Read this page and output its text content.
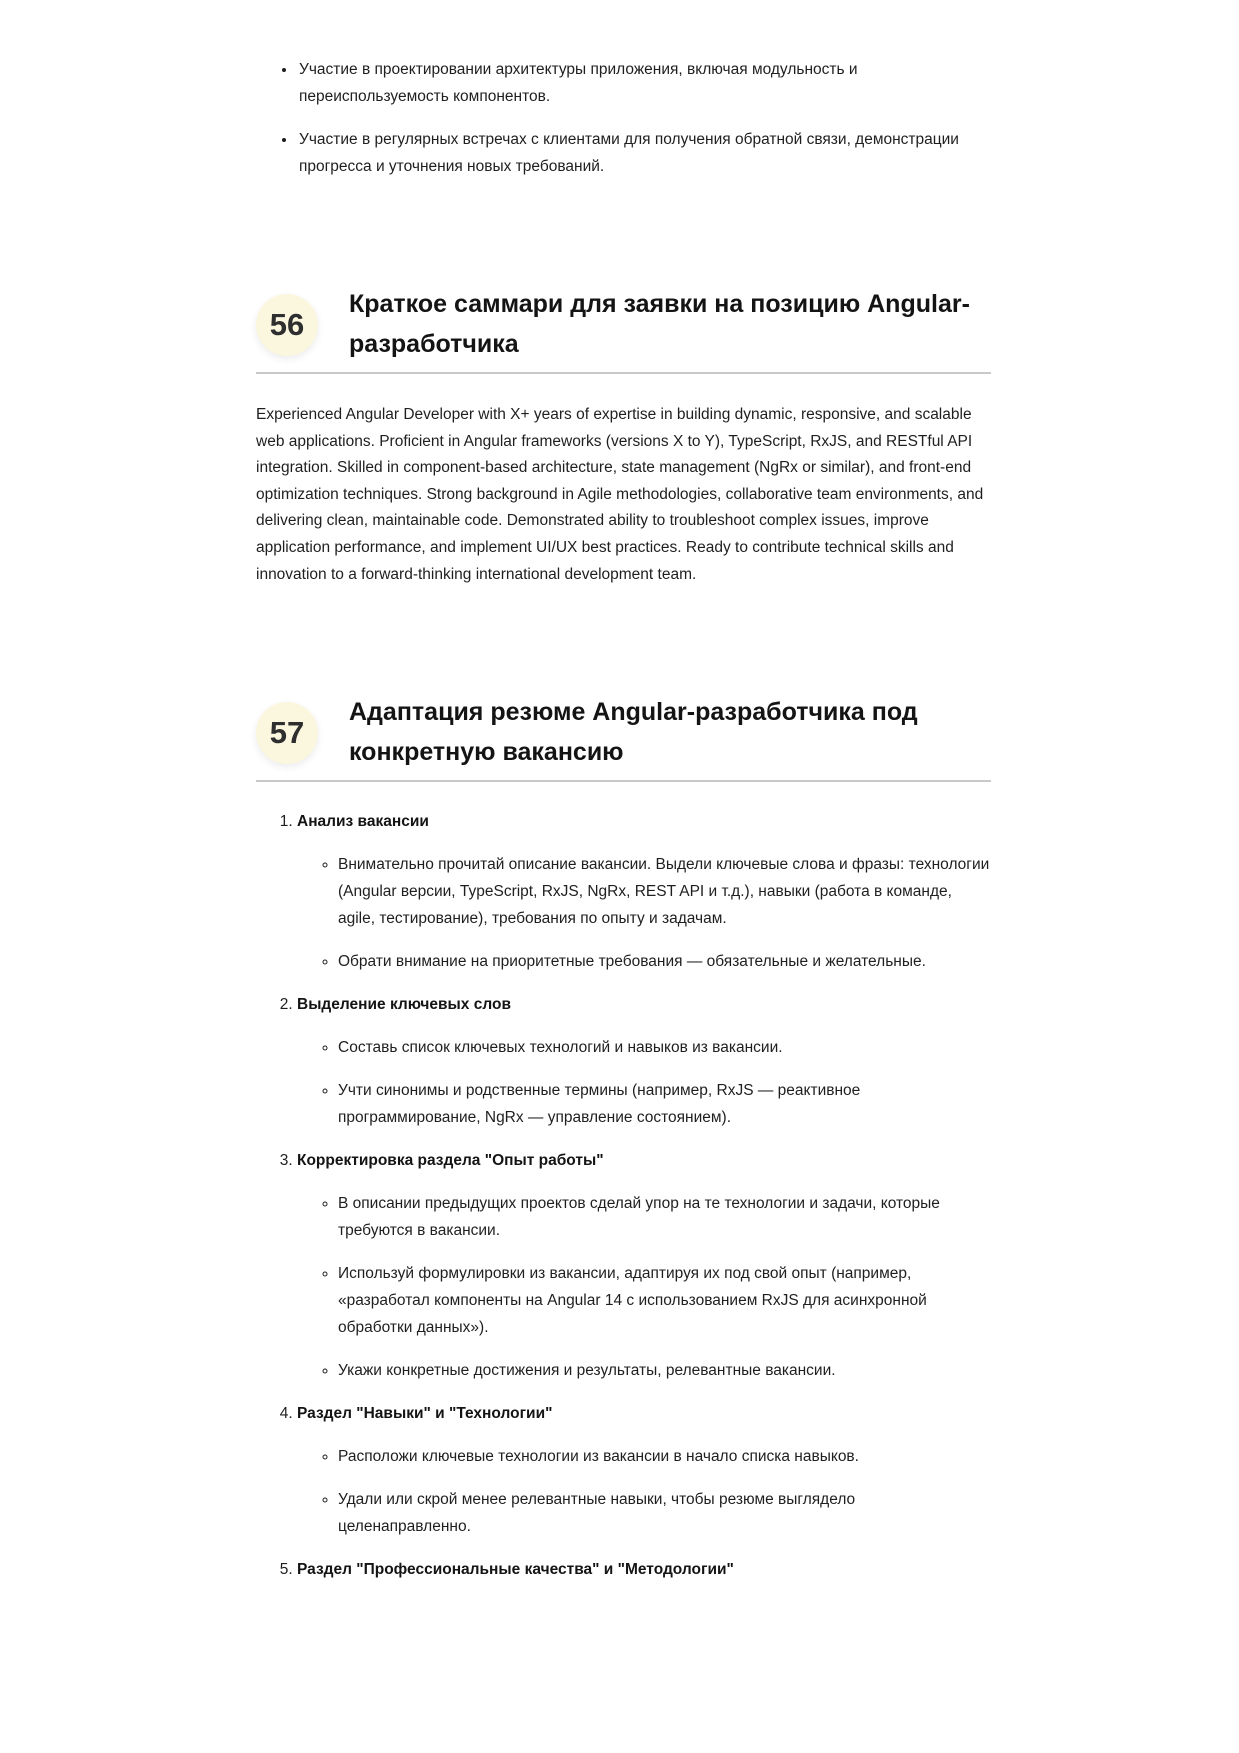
• Участие в проектировании архитектуры приложения, включая модульность и переиспользуемость компонентов.
• Участие в регулярных встречах с клиентами для получения обратной связи, демонстрации прогресса и уточнения новых требований.
56
Краткое саммари для заявки на позицию Angular-разработчика

Experienced Angular Developer with X+ years of expertise in building dynamic, responsive, and scalable web applications. Proficient in Angular frameworks (versions X to Y), TypeScript, RxJS, and RESTful API integration. Skilled in component-based architecture, state management (NgRx or similar), and front-end optimization techniques. Strong background in Agile methodologies, collaborative team environments, and delivering clean, maintainable code. Demonstrated ability to troubleshoot complex issues, improve application performance, and implement UI/UX best practices. Ready to contribute technical skills and innovation to a forward-thinking international development team.

57
Адаптация резюме Angular-разработчика под конкретную вакансию
1. Анализ вакансии
◦ Внимательно прочитай описание вакансии. Выдели ключевые слова и фразы: технологии (Angular версии, TypeScript, RxJS, NgRx, REST API и т.д.), навыки (работа в команде, agile, тестирование), требования по опыту и задачам.
◦ Обрати внимание на приоритетные требования — обязательные и желательные.
2. Выделение ключевых слов
◦ Составь список ключевых технологий и навыков из вакансии.
◦ Учти синонимы и родственные термины (например, RxJS — реактивное программирование, NgRx — управление состоянием).
3. Корректировка раздела "Опыт работы"
◦ В описании предыдущих проектов сделай упор на те технологии и задачи, которые требуются в вакансии.
◦ Используй формулировки из вакансии, адаптируя их под свой опыт (например, «разработал компоненты на Angular 14 с использованием RxJS для асинхронной обработки данных»).
◦ Укажи конкретные достижения и результаты, релевантные вакансии.
4. Раздел "Навыки" и "Технологии"
◦ Расположи ключевые технологии из вакансии в начало списка навыков.
◦ Удали или скрой менее релевантные навыки, чтобы резюме выглядело целенаправленно.
5. Раздел "Профессиональные качества" и "Методологии"
